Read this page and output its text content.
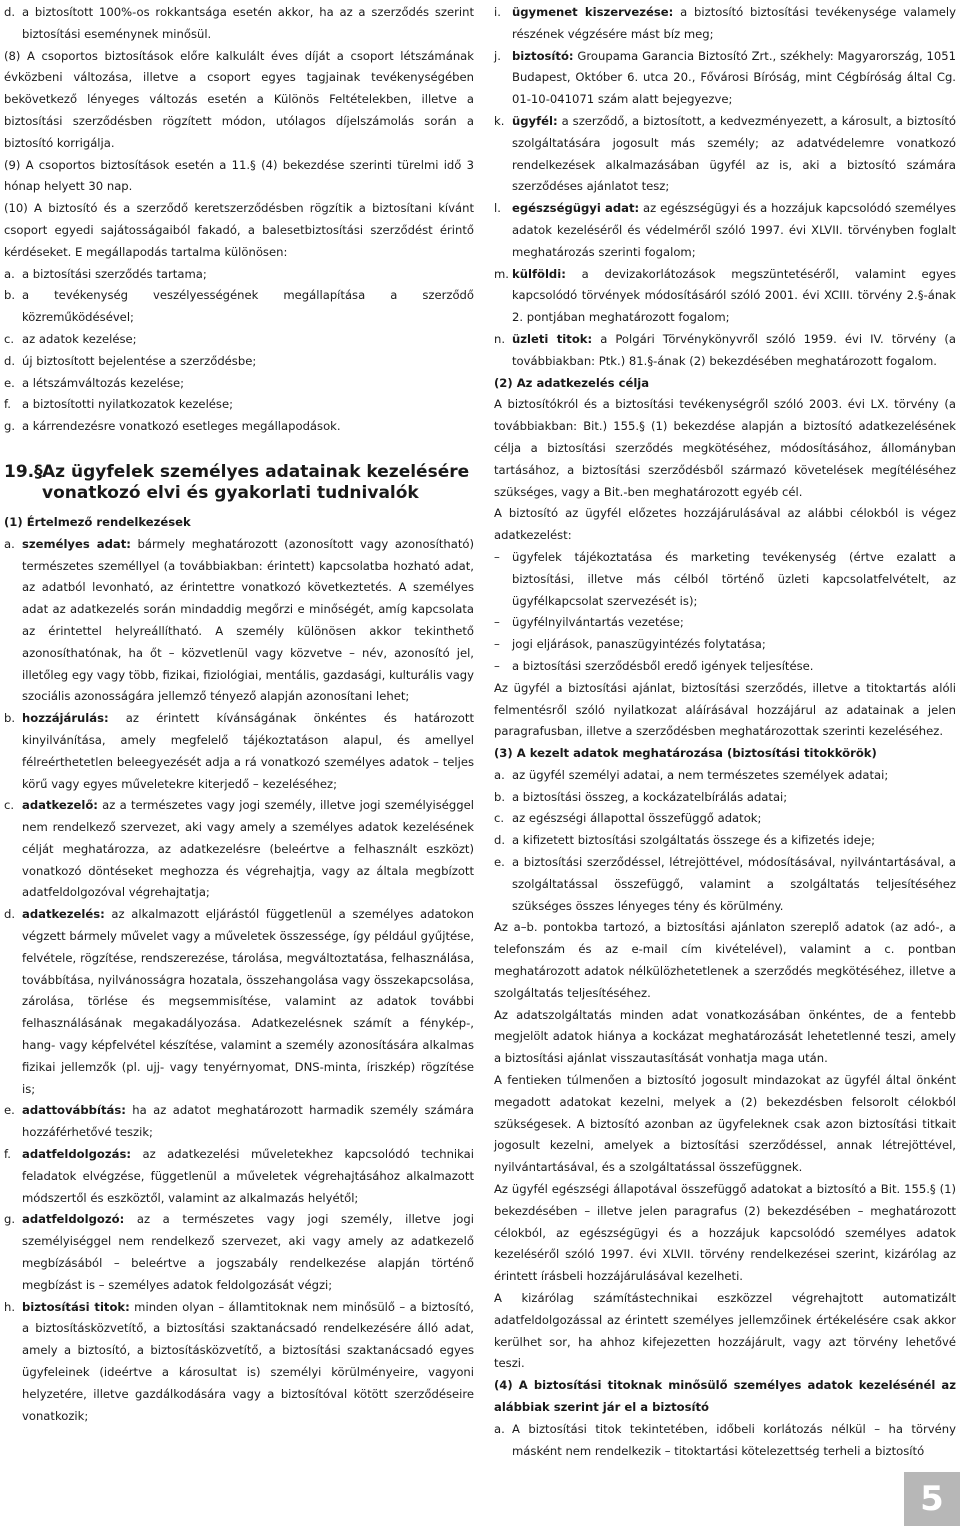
d. a biztosított 100%-os rokkantsága esetén akkor, ha az a szerződés szerint biztosítási eseménynek minősül.

(8) A csoportos biztosítások előre kalkulált éves díját a csoport létszámának évközbeni változása, illetve a csoport egyes tagjainak tevékenységében bekövetkező lényeges változás esetén a Különös Feltételekben, illetve a biztosítási szerződésben rögzített módon, utólagos díjelszámolás során a biztosító korrigálja.

(9) A csoportos biztosítások esetén a 11.§ (4) bekezdése szerinti türelmi idő 3 hónap helyett 30 nap.

(10) A biztosító és a szerződő keretszerződésben rögzítik a biztosítani kívánt csoport egyedi sajátosságaiból fakadó, a balesetbiztosítási szerződést érintő kérdéseket. E megállapodás tartalma különösen:

a. a biztosítási szerződés tartama;
b. a tevékenység veszélyességének megállapítása a szerződő közreműködésével;
c. az adatok kezelése;
d. új biztosított bejelentése a szerződésbe;
e. a létszámváltozás kezelése;
f. a biztosítotti nyilatkozatok kezelése;
g. a kárrendezésre vonatkozó esetleges megállapodások.
19.§ Az ügyfelek személyes adatainak kezelésére vonatkozó elvi és gyakorlati tudnivalók

(1) Értelmező rendelkezések

a. személyes adat: bármely meghatározott (azonosított vagy azonosítható) természetes személlyel (a továbbiakban: érintett) kapcsolatba hozható adat, az adatból levonható, az érintettre vonatkozó következtetés. A személyes adat az adatkezelés során mindaddig megőrzi e minőségét, amíg kapcsolata az érintettel helyreállítható. A személy különösen akkor tekinthető azonosíthatónak, ha őt – közvetlenül vagy közvetve – név, azonosító jel, illetőleg egy vagy több, fizikai, fiziológiai, mentális, gazdasági, kulturális vagy szociális azonosságára jellemző tényező alapján azonosítani lehet;
b. hozzájárulás: az érintett kívánságának önkéntes és határozott kinyilvánítása, amely megfelelő tájékoztatáson alapul, és amellyel félreérthetetlen beleegyezését adja a rá vonatkozó személyes adatok – teljes körű vagy egyes műveletekre kiterjedő – kezeléséhez;
c. adatkezelő: az a természetes vagy jogi személy, illetve jogi személyiséggel nem rendelkező szervezet, aki vagy amely a személyes adatok kezelésének célját meghatározza, az adatkezelésre (beleértve a felhasznált eszközt) vonatkozó döntéseket meghozza és végrehajtja, vagy az általa megbízott adatfeldolgozóval végrehajtatja;
d. adatkezelés: az alkalmazott eljárástól függetlenül a személyes adatokon végzett bármely művelet vagy a műveletek összessége, így például gyűjtése, felvétele, rögzítése, rendszerezése, tárolása, megváltoztatása, felhasználása, továbbítása, nyilvánosságra hozatala, összehangolása vagy összekapcsolása, zárolása, törlése és megsemmisítése, valamint az adatok további felhasználásának megakadályozása. Adatkezelésnek számít a fénykép-, hang- vagy képfelvétel készítése, valamint a személy azonosítására alkalmas fizikai jellemzők (pl. ujj- vagy tenyérnyomat, DNS-minta, íriszkép) rögzítése is;
e. adattovábbítás: ha az adatot meghatározott harmadik személy számára hozzáférhetővé teszik;
f. adatfeldolgozás: az adatkezelési műveletekhez kapcsolódó technikai feladatok elvégzése, függetlenül a műveletek végrehajtásához alkalmazott módszertől és eszköztől, valamint az alkalmazás helyétől;
g. adatfeldolgozó: az a természetes vagy jogi személy, illetve jogi személyiséggel nem rendelkező szervezet, aki vagy amely az adatkezelő megbízásából – beleértve a jogszabály rendelkezése alapján történő megbízást is – személyes adatok feldolgozását végzi;
h. biztosítási titok: minden olyan – államtitoknak nem minősülő – a biztosító, a biztosításközvetítő, a biztosítási szaktanácsadó rendelkezésére álló adat, amely a biztosító, a biztosításközvetítő, a biztosítási szaktanácsadó egyes ügyfeleinek (ideértve a károsultat is) személyi körülményeire, vagyoni helyzetére, illetve gazdálkodására vagy a biztosítóval kötött szerződéseire vonatkozik;
i. ügymenet kiszervezése: a biztosító biztosítási tevékenysége valamely részének végzésére mást bíz meg;
j. biztosító: Groupama Garancia Biztosító Zrt., székhely: Magyarország, 1051 Budapest, Október 6. utca 20., Fővárosi Bíróság, mint Cégbíróság által Cg. 01-10-041071 szám alatt bejegyezve;
k. ügyfél: a szerződő, a biztosított, a kedvezményezett, a károsult, a biztosító szolgáltatására jogosult más személy; az adatvédelemre vonatkozó rendelkezések alkalmazásában ügyfél az is, aki a biztosító számára szerződéses ajánlatot tesz;
l. egészségügyi adat: az egészségügyi és a hozzájuk kapcsolódó személyes adatok kezeléséről és védelméről szóló 1997. évi XLVII. törvényben foglalt meghatározás szerinti fogalom;
m. külföldi: a devizakorlátozások megszüntetéséről, valamint egyes kapcsolódó törvények módosításáról szóló 2001. évi XCIII. törvény 2.§-ának 2. pontjában meghatározott fogalom;
n. üzleti titok: a Polgári Törvénykönyvről szóló 1959. évi IV. törvény (a továbbiakban: Ptk.) 81.§-ának (2) bekezdésében meghatározott fogalom.

(2) Az adatkezelés célja

A biztosítókról és a biztosítási tevékenységről szóló 2003. évi LX. törvény (a továbbiakban: Bit.) 155.§ (1) bekezdése alapján a biztosító adatkezelésének célja a biztosítási szerződés megkötéséhez, módosításához, állományban tartásához, a biztosítási szerződésből származó követelések megítéléséhez szükséges, vagy a Bit.-ben meghatározott egyéb cél.

A biztosító az ügyfél előzetes hozzájárulásával az alábbi célokból is végez adatkezelést:

– ügyfelek tájékoztatása és marketing tevékenység (értve ezalatt a biztosítási, illetve más célból történő üzleti kapcsolatfelvételt, az ügyfélkapcsolat szervezését is);
– ügyfélnyilvántartás vezetése;
– jogi eljárások, panaszügyintézés folytatása;
– a biztosítási szerződésből eredő igények teljesítése.

Az ügyfél a biztosítási ajánlat, biztosítási szerződés, illetve a titoktartás alóli felmentésről szóló nyilatkozat aláírásával hozzájárul az adatainak a jelen paragrafusban, illetve a szerződésben meghatározottak szerinti kezeléséhez.

(3) A kezelt adatok meghatározása (biztosítási titokkörök)

a. az ügyfél személyi adatai, a nem természetes személyek adatai;
b. a biztosítási összeg, a kockázatelbírálás adatai;
c. az egészségi állapottal összefüggő adatok;
d. a kifizetett biztosítási szolgáltatás összege és a kifizetés ideje;
e. a biztosítási szerződéssel, létrejöttével, módosításával, nyilvántartásával, a szolgáltatással összefüggő, valamint a szolgáltatás teljesítéséhez szükséges összes lényeges tény és körülmény.

Az a–b. pontokba tartozó, a biztosítási ajánlaton szereplő adatok (az adó-, a telefonszám és az e-mail cím kivételével), valamint a c. pontban meghatározott adatok nélkülözhetetlenek a szerződés megkötéséhez, illetve a szolgáltatás teljesítéséhez.

Az adatszolgáltatás minden adat vonatkozásában önkéntes, de a fentebb megjelölt adatok hiánya a kockázat meghatározását lehetetlenné teszi, amely a biztosítási ajánlat visszautasítását vonhatja maga után.

A fentieken túlmenően a biztosító jogosult mindazokat az ügyfél által önként megadott adatokat kezelni, melyek a (2) bekezdésben felsorolt célokból szükségesek. A biztosító azonban az ügyfeleknek csak azon biztosítási titkait jogosult kezelni, amelyek a biztosítási szerződéssel, annak létrejöttével, nyilvántartásával, és a szolgáltatással összefüggnek.

Az ügyfél egészségi állapotával összefüggő adatokat a biztosító a Bit. 155.§ (1) bekezdésében – illetve jelen paragrafus (2) bekezdésében – meghatározott célokból, az egészségügyi és a hozzájuk kapcsolódó személyes adatok kezeléséről szóló 1997. évi XLVII. törvény rendelkezései szerint, kizárólag az érintett írásbeli hozzájárulásával kezelheti.

A kizárólag számítástechnikai eszközzel végrehajtott automatizált adatfeldolgozással az érintett személyes jellemzőinek értékelésére csak akkor kerülhet sor, ha ahhoz kifejezetten hozzájárult, vagy azt törvény lehetővé teszi.

(4) A biztosítási titoknak minősülő személyes adatok kezelésénél az alábbiak szerint jár el a biztosító

a. A biztosítási titok tekintetében, időbeli korlátozás nélkül – ha törvény másként nem rendelkezik – titoktartási kötelezettség terheli a biztosító
5
